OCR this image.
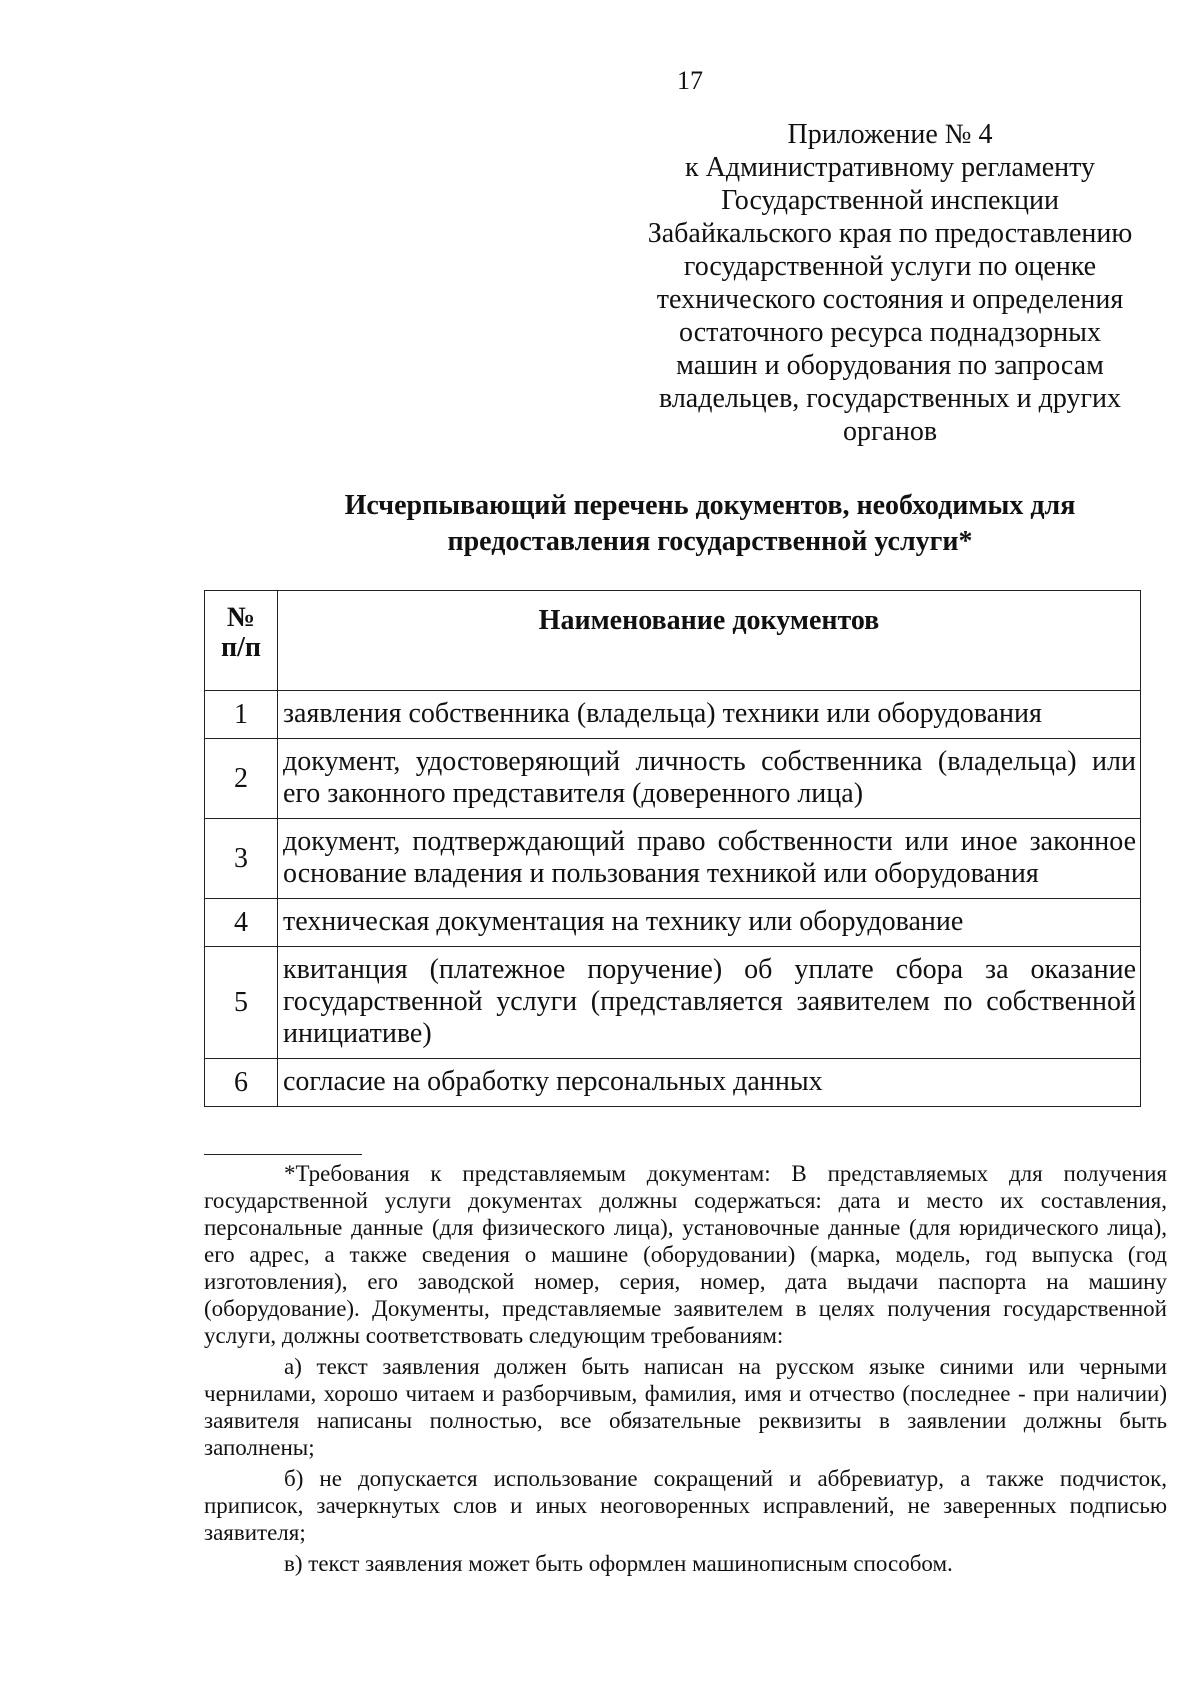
17
Приложение № 4
к Административному регламенту
Государственной инспекции
Забайкальского края по предоставлению
государственной услуги по оценке
технического состояния и определения
остаточного ресурса поднадзорных
машин и оборудования по запросам
владельцев, государственных и других
органов
Исчерпывающий перечень документов, необходимых для
предоставления государственной услуги*
№
п/п	Наименование документов
1	заявления собственника (владельца) техники или оборудования
2	документ, удостоверяющий личность собственника (владельца) или его законного представителя (доверенного лица)
3	документ, подтверждающий право собственности или иное законное основание владения и пользования техникой или оборудования
4	техническая документация на технику или оборудование
5	квитанция (платежное поручение) об уплате сбора за оказание государственной услуги (представляется заявителем по собственной инициативе)
6	согласие на обработку персональных данных

*Требования к представляемым документам: В представляемых для получения государственной услуги документах должны содержаться: дата и место их составления, персональные данные (для физического лица), установочные данные (для юридического лица), его адрес, а также сведения о машине (оборудовании) (марка, модель, год выпуска (год изготовления), его заводской номер, серия, номер, дата выдачи паспорта на машину (оборудование). Документы, представляемые заявителем в целях получения государственной услуги, должны соответствовать следующим требованиям:

а) текст заявления должен быть написан на русском языке синими или черными чернилами, хорошо читаем и разборчивым, фамилия, имя и отчество (последнее - при наличии) заявителя написаны полностью, все обязательные реквизиты в заявлении должны быть заполнены;

б) не допускается использование сокращений и аббревиатур, а также подчисток, приписок, зачеркнутых слов и иных неоговоренных исправлений, не заверенных подписью заявителя;

в) текст заявления может быть оформлен машинописным способом.
